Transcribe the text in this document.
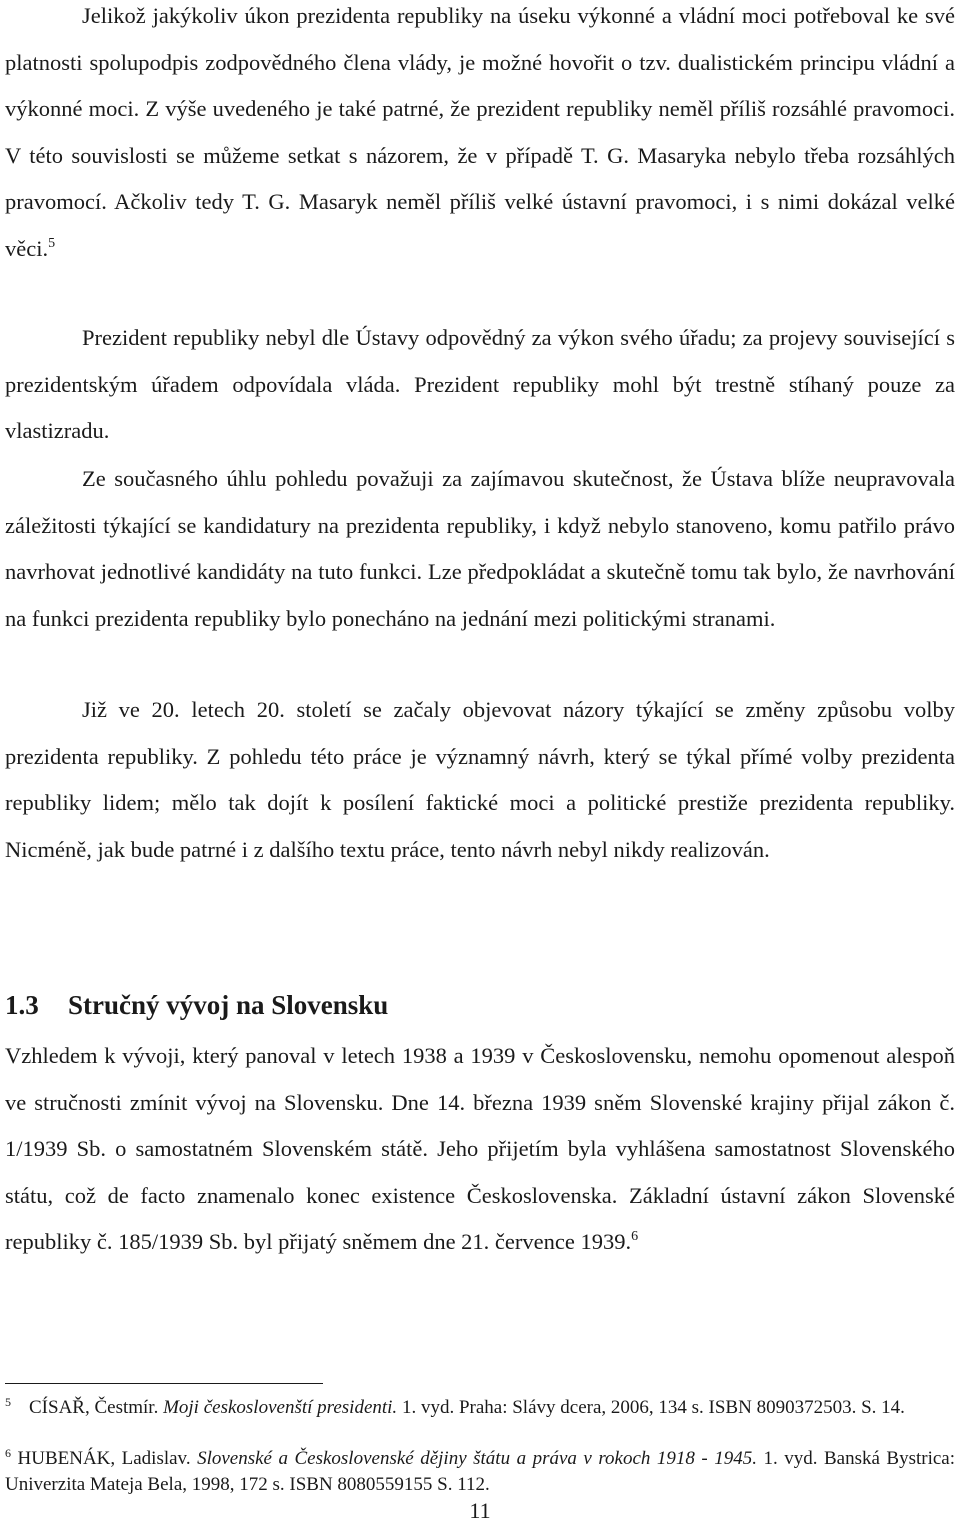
Jelikož jakýkoliv úkon prezidenta republiky na úseku výkonné a vládní moci potřeboval ke své platnosti spolupodpis zodpovědného člena vlády, je možné hovořit o tzv. dualistickém principu vládní a výkonné moci. Z výše uvedeného je také patrné, že prezident republiky neměl příliš rozsáhlé pravomoci. V této souvislosti se můžeme setkat s názorem, že v případě T. G. Masaryka nebylo třeba rozsáhlých pravomocí. Ačkoliv tedy T. G. Masaryk neměl příliš velké ústavní pravomoci, i s nimi dokázal velké věci.$^5$

Prezident republiky nebyl dle Ústavy odpovědný za výkon svého úřadu; za projevy související s prezidentským úřadem odpovídala vláda. Prezident republiky mohl být trestně stíhaný pouze za vlastizradu.

Ze současného úhlu pohledu považuji za zajímavou skutečnost, že Ústava blíže neupravovala záležitosti týkající se kandidatury na prezidenta republiky, i když nebylo stanoveno, komu patřilo právo navrhovat jednotlivé kandidáty na tuto funkci. Lze předpokládat a skutečně tomu tak bylo, že navrhování na funkci prezidenta republiky bylo ponecháno na jednání mezi politickými stranami.

Již ve 20. letech 20. století se začaly objevovat názory týkající se změny způsobu volby prezidenta republiky. Z pohledu této práce je významný návrh, který se týkal přímé volby prezidenta republiky lidem; mělo tak dojít k posílení faktické moci a politické prestiže prezidenta republiky. Nicméně, jak bude patrné i z dalšího textu práce, tento návrh nebyl nikdy realizován.

1.3 Stručný vývoj na Slovensku

Vzhledem k vývoji, který panoval v letech 1938 a 1939 v Československu, nemohu opomenout alespoň ve stručnosti zmínit vývoj na Slovensku. Dne 14. března 1939 sněm Slovenské krajiny přijal zákon č. 1/1939 Sb. o samostatném Slovenském státě. Jeho přijetím byla vyhlášena samostatnost Slovenského státu, což de facto znamenalo konec existence Československa. Základní ústavní zákon Slovenské republiky č. 185/1939 Sb. byl přijatý sněmem dne 21. července 1939.$^6$

$^5$ CÍSAŘ, Čestmír. Moji českoslovenští presidenti. 1. vyd. Praha: Slávy dcera, 2006, 134 s. ISBN 8090372503. S. 14.

$^6$ HUBENÁK, Ladislav. Slovenské a Československé dějiny štátu a práva v rokoch 1918 - 1945. 1. vyd. Banská Bystrica: Univerzita Mateja Bela, 1998, 172 s. ISBN 8080559155 S. 112.

11
